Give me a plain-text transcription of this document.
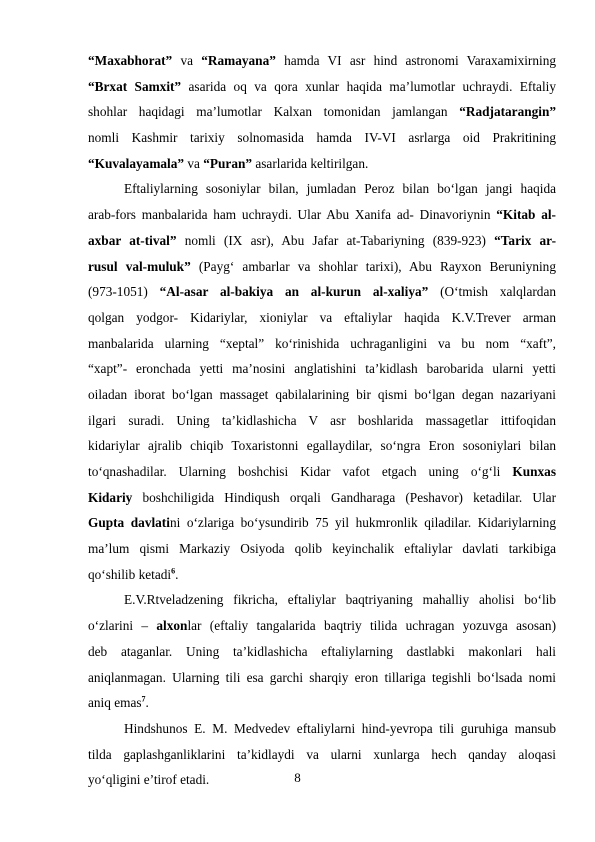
“Maxabhorat” va “Ramayana” hamda VI asr hind astronomi Varaxamixirning
“Brxat Samxit” asarida oq va qora xunlar haqida ma’lumotlar uchraydi. Eftaliy
shohlar haqidagi ma’lumotlar Kalxan tomonidan jamlangan “Radjatarangin”
nomli Kashmir tarixiy solnomasida hamda IV-VI asrlarga oid Prakritining
“Kuvalayamala” va “Puran” asarlarida keltirilgan.
Eftaliylarning sosoniylar bilan, jumladan Peroz bilan bo‘lgan jangi haqida
arab-fors manbalarida ham uchraydi. Ular Abu Xanifa ad- Dinavoriynin “Kitab al-
axbar at-tival” nomli (IX asr), Abu Jafar at-Tabariyning (839-923) “Tarix ar-
rusul val-muluk” (Payg‘ ambarlar va shohlar tarixi), Abu Rayxon Beruniyning
(973-1051) “Al-asar al-bakiya an al-kurun al-xaliya” (O‘tmish xalqlardan
qolgan yodgor- Kidariylar, xioniylar va eftaliylar haqida K.V.Trever arman
manbalarida ularning “xeptal” ko‘rinishida uchraganligini va bu nom “xaft”,
“xapt”- eronchada yetti ma’nosini anglatishini ta’kidlash barobarida ularni yetti
oiladan iborat bo‘lgan massaget qabilalarining bir qismi bo‘lgan degan nazariyani
ilgari suradi. Uning ta’kidlashicha V asr boshlarida massagetlar ittifoqidan
kidariylar ajralib chiqib Toxaristonni egallaydilar, so‘ngra Eron sosoniylari bilan
to‘qnashadilar. Ularning boshchisi Kidar vafot etgach uning o‘g‘li Kunxas
Kidariy boshchiligida Hindiqush orqali Gandharaga (Peshavor) ketadilar. Ular
Gupta davlatini o‘zlariga bo‘ysundirib 75 yil hukmronlik qiladilar. Kidariylarning
ma’lum qismi Markaziy Osiyoda qolib keyinchalik eftaliylar davlati tarkibiga
qo‘shilib ketadi$^6$.
E.V.Rtveladzening fikricha, eftaliylar baqtriyaning mahalliy aholisi bo‘lib
o‘zlarini – alxonlar (eftaliy tangalarida baqtriy tilida uchragan yozuvga asosan)
deb ataganlar. Uning ta’kidlashicha eftaliylarning dastlabki makonlari hali
aniqlanmagan. Ularning tili esa garchi sharqiy eron tillariga tegishli bo‘lsada nomi
aniq emas$^7$.
Hindshunos E. M. Medvedev eftaliylarni hind-yevropa tili guruhiga mansub
tilda gaplashganliklarini ta’kidlaydi va ularni xunlarga hech qanday aloqasi
yo‘qligini e’tirof etadi.	8
